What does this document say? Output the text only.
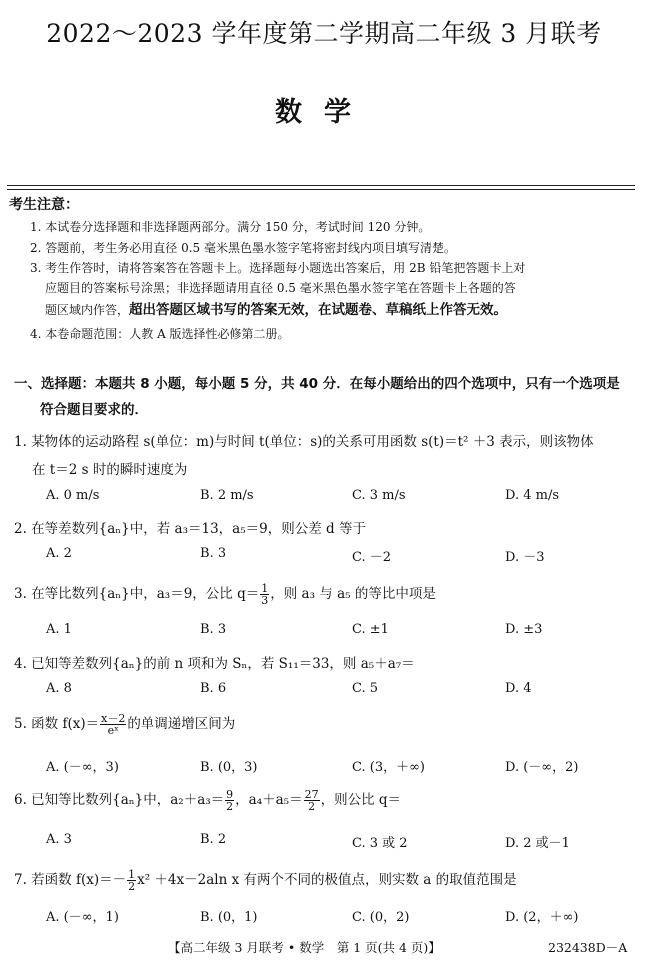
2022～2023 学年度第二学期高二年级 3 月联考
数学
考生注意：
1. 本试卷分选择题和非选择题两部分。满分 150 分，考试时间 120 分钟。
2. 答题前，考生务必用直径 0.5 毫米黑色墨水签字笔将密封线内项目填写清楚。
3. 考生作答时，请将答案答在答题卡上。选择题每小题选出答案后，用 2B 铅笔把答题卡上对
应题目的答案标号涂黑；非选择题请用直径 0.5 毫米黑色墨水签字笔在答题卡上各题的答
题区域内作答，超出答题区域书写的答案无效，在试题卷、草稿纸上作答无效。
4. 本卷命题范围：人教 A 版选择性必修第二册。
一、选择题：本题共 8 小题，每小题 5 分，共 40 分．在每小题给出的四个选项中，只有一个选项是
符合题目要求的．
1. 某物体的运动路程 s(单位：m)与时间 t(单位：s)的关系可用函数 s(t)＝t² ＋3 表示，则该物体
在 t＝2 s 时的瞬时速度为
A. 0 m/s	B. 2 m/s	C. 3 m/s	D. 4 m/s
2. 在等差数列{aₙ}中，若 a₃＝13，a₅＝9，则公差 d 等于
A. 2	B. 3	C. －2	D. －3
3. 在等比数列{aₙ}中，a₃＝9，公比 $q= \frac{1}{3}$ ，则 a₃ 与 a₅ 的等比中项是
A. 1	B. 3	C. ±1	D. ±3
4. 已知等差数列{aₙ}的前 n 项和为 Sₙ，若 S₁₁＝33，则 a₅＋a₇＝
A. 8	B. 6	C. 5	D. 4
5. 函数 $f(x)= \frac{x-2}{\text{eˣ}}$ 的单调递增区间为
A. (－∞，3)	B. (0，3)	C. (3，＋∞)	D. (－∞，2)
6. 已知等比数列{aₙ}中，$a_2+a_3= \frac{9}{2}$ ，$a_4+a_5= \frac{27}{2}$ ，则公比 q＝
A. 3	B. 2	C. 3 或 2	D. 2 或－1
7. 若函数 $f(x)=- \frac{1}{2} x^2 +4x-2aln$ x 有两个不同的极值点，则实数 a 的取值范围是
A. (－∞，1)	B. (0，1)	C. (0，2)	D. (2，＋∞)
【高二年级 3 月联考 • 数学　第 1 页(共 4 页)】	232438D－A
